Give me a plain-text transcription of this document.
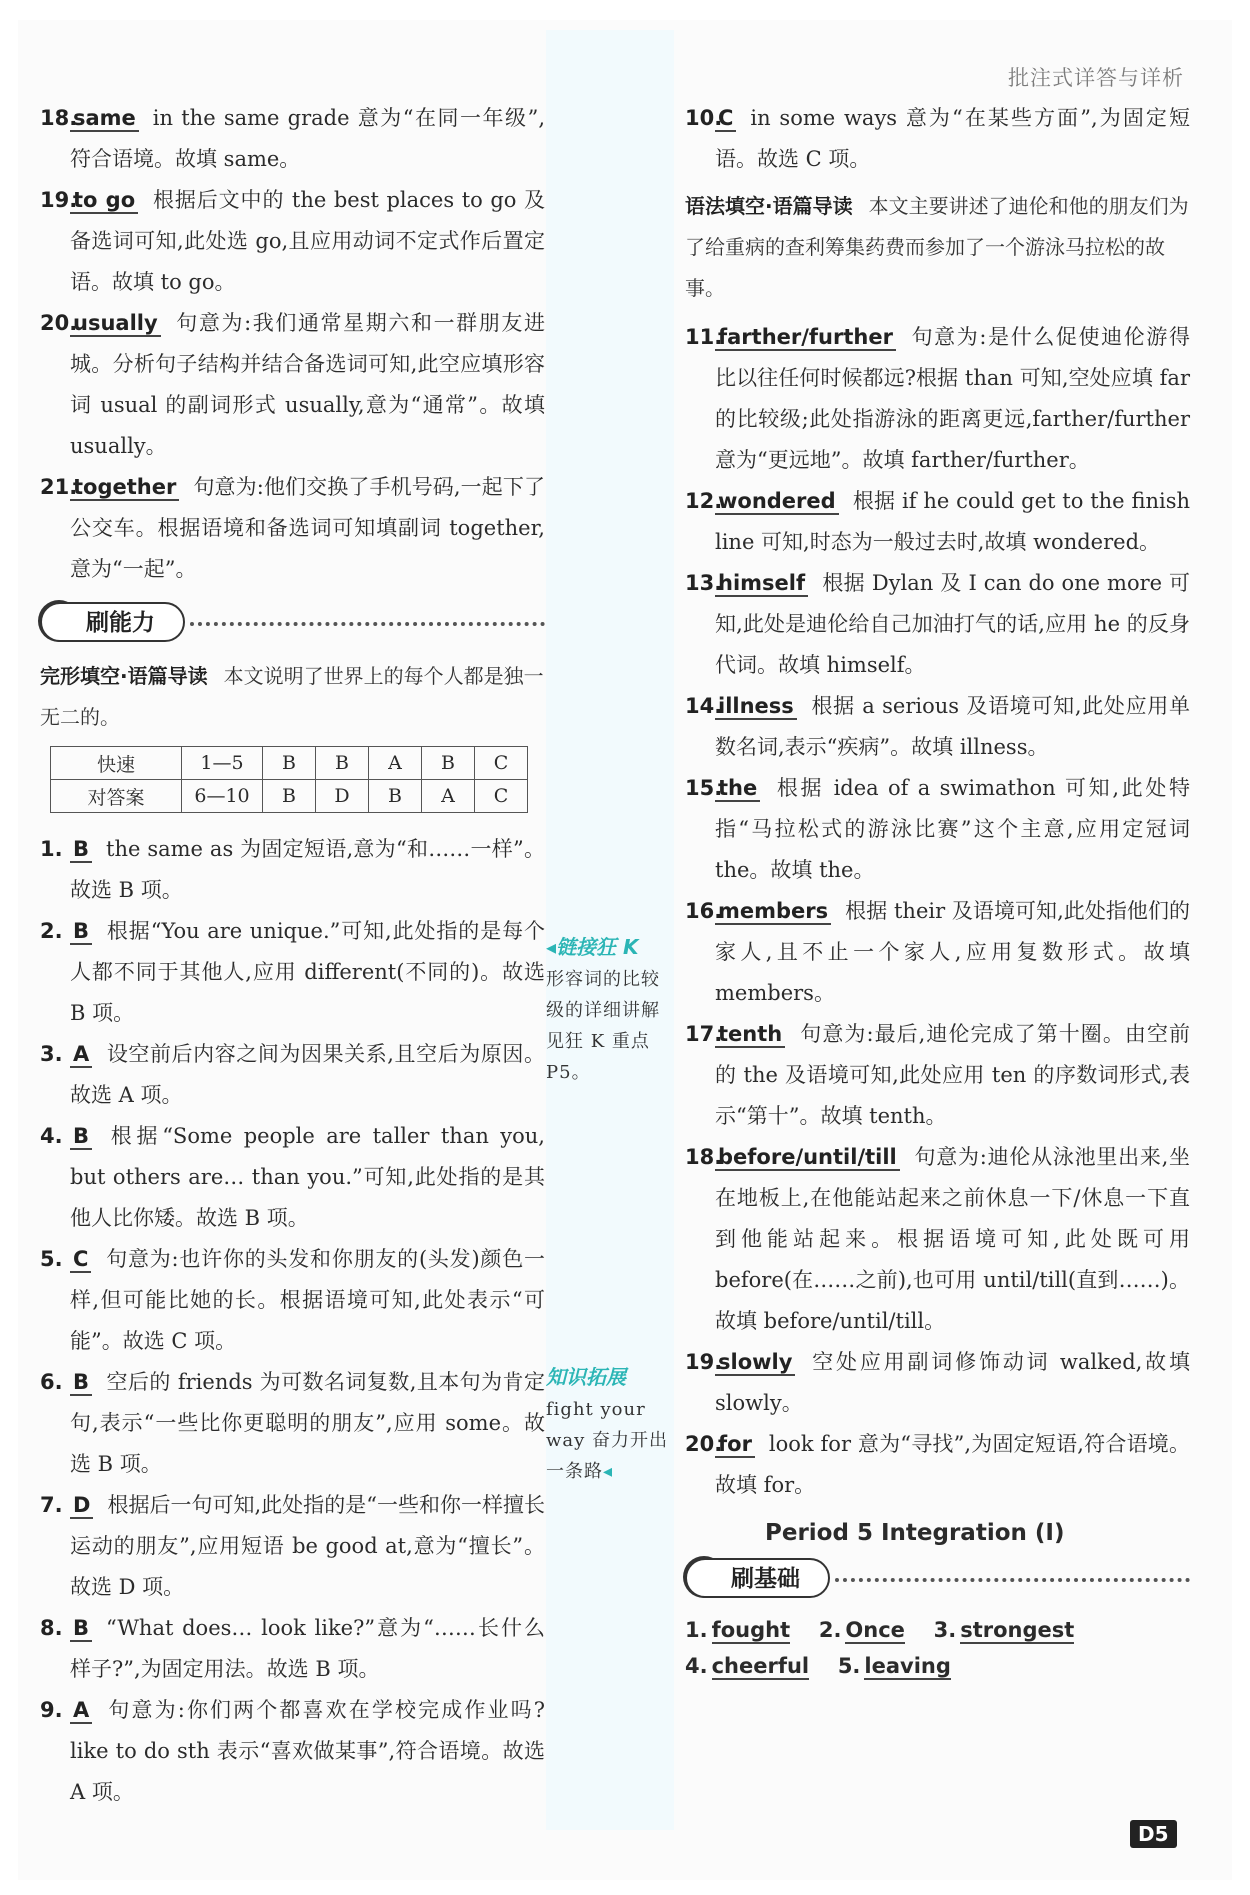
批注式详答与详析
18.
same in the same grade 意为“在同一年级”,符合语境。故填 same。
19.
to go 根据后文中的 the best places to go 及备选词可知,此处选 go,且应用动词不定式作后置定语。故填 to go。
20.
usually 句意为:我们通常星期六和一群朋友进城。分析句子结构并结合备选词可知,此空应填形容词 usual 的副词形式 usually,意为“通常”。故填 usually。
21.
together 句意为:他们交换了手机号码,一起下了公交车。根据语境和备选词可知填副词 together,意为“一起”。
刷能力
完形填空·语篇导读 本文说明了世界上的每个人都是独一无二的。
快速	1—5	B	B	A	B	C
对答案	6—10	B	D	B	A	C
1. B the same as 为固定短语,意为“和……一样”。故选 B 项。
2. B 根据“You are unique.”可知,此处指的是每个人都不同于其他人,应用 different(不同的)。故选 B 项。
3. A 设空前后内容之间为因果关系,且空后为原因。故选 A 项。
4. B 根据“Some people are taller than you, but others are… than you.”可知,此处指的是其他人比你矮。故选 B 项。
5. C 句意为:也许你的头发和你朋友的(头发)颜色一样,但可能比她的长。根据语境可知,此处表示“可能”。故选 C 项。
6. B 空后的 friends 为可数名词复数,且本句为肯定句,表示“一些比你更聪明的朋友”,应用 some。故选 B 项。
7. D 根据后一句可知,此处指的是“一些和你一样擅长运动的朋友”,应用短语 be good at,意为“擅长”。故选 D 项。
8. B “What does… look like?”意为“……长什么样子?”,为固定用法。故选 B 项。
9. A 句意为:你们两个都喜欢在学校完成作业吗? like to do sth 表示“喜欢做某事”,符合语境。故选 A 项。
◂链接狂 K
形容词的比较级的详细讲解见狂 K 重点 P5。
知识拓展
fight your way 奋力开出一条路◂
10.
C in some ways 意为“在某些方面”,为固定短语。故选 C 项。
语法填空·语篇导读 本文主要讲述了迪伦和他的朋友们为了给重病的查利筹集药费而参加了一个游泳马拉松的故事。
11.
farther/further 句意为:是什么促使迪伦游得比以往任何时候都远?根据 than 可知,空处应填 far 的比较级;此处指游泳的距离更远,farther/further 意为“更远地”。故填 farther/further。
12.
wondered 根据 if he could get to the finish line 可知,时态为一般过去时,故填 wondered。
13.
himself 根据 Dylan 及 I can do one more 可知,此处是迪伦给自己加油打气的话,应用 he 的反身代词。故填 himself。
14.
illness 根据 a serious 及语境可知,此处应用单数名词,表示“疾病”。故填 illness。
15.
the 根据 idea of a swimathon 可知,此处特指“马拉松式的游泳比赛”这个主意,应用定冠词 the。故填 the。
16.
members 根据 their 及语境可知,此处指他们的家人,且不止一个家人,应用复数形式。故填 members。
17.
tenth 句意为:最后,迪伦完成了第十圈。由空前的 the 及语境可知,此处应用 ten 的序数词形式,表示“第十”。故填 tenth。
18.
before/until/till 句意为:迪伦从泳池里出来,坐在地板上,在他能站起来之前休息一下/休息一下直到他能站起来。根据语境可知,此处既可用 before(在……之前),也可用 until/till(直到……)。故填 before/until/till。
19.
slowly 空处应用副词修饰动词 walked,故填 slowly。
20.
for look for 意为“寻找”,为固定短语,符合语境。故填 for。
Period 5 Integration (Ⅰ)
刷基础
1. fought 2. Once 3. strongest
4. cheerful 5. leaving
D5
